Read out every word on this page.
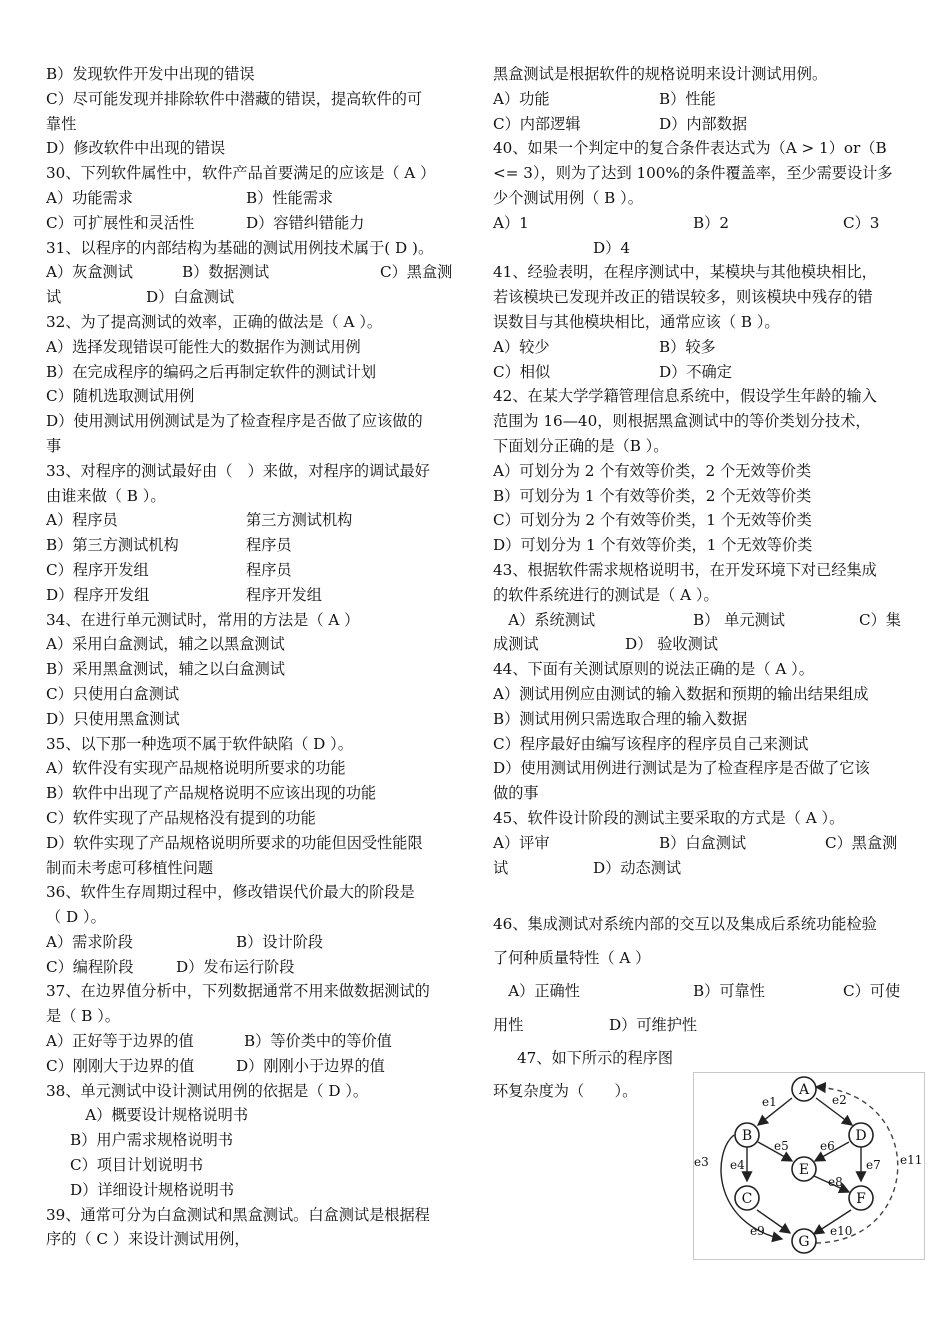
B）发现软件开发中出现的错误
C）尽可能发现并排除软件中潜藏的错误，提高软件的可
靠性
D）修改软件中出现的错误
30、下列软件属性中，软件产品首要满足的应该是（ A ）
A）功能需求	B）性能需求
C）可扩展性和灵活性	D）容错纠错能力
31、以程序的内部结构为基础的测试用例技术属于( D )。
A）灰盒测试	B）数据测试	C）黑盒测
试	D）白盒测试
32、为了提高测试的效率，正确的做法是（ A ）。
A）选择发现错误可能性大的数据作为测试用例
B）在完成程序的编码之后再制定软件的测试计划
C）随机选取测试用例
D）使用测试用例测试是为了检查程序是否做了应该做的
事
33、对程序的测试最好由（　）来做，对程序的调试最好
由谁来做（ B ）。
A）程序员	第三方测试机构
B）第三方测试机构	程序员
C）程序开发组	程序员
D）程序开发组	程序开发组
34、在进行单元测试时，常用的方法是（ A ）
A）采用白盒测试，辅之以黑盒测试
B）采用黑盒测试，辅之以白盒测试
C）只使用白盒测试
D）只使用黑盒测试
35、以下那一种选项不属于软件缺陷（ D ）。
A）软件没有实现产品规格说明所要求的功能
B）软件中出现了产品规格说明不应该出现的功能
C）软件实现了产品规格没有提到的功能
D）软件实现了产品规格说明所要求的功能但因受性能限
制而未考虑可移植性问题
36、软件生存周期过程中，修改错误代价最大的阶段是
（ D ）。
A）需求阶段	B）设计阶段
C）编程阶段	D）发布运行阶段
37、在边界值分析中，下列数据通常不用来做数据测试的
是（ B ）。
A）正好等于边界的值	B）等价类中的等价值
C）刚刚大于边界的值	D）刚刚小于边界的值
38、单元测试中设计测试用例的依据是（ D ）。
　A）概要设计规格说明书
B）用户需求规格说明书
C）项目计划说明书
D）详细设计规格说明书
39、通常可分为白盒测试和黑盒测试。白盒测试是根据程
序的（ C ）来设计测试用例，
黑盒测试是根据软件的规格说明来设计测试用例。
A）功能	B）性能
C）内部逻辑	D）内部数据
40、如果一个判定中的复合条件表达式为（A > 1）or（B
<= 3），则为了达到 100%的条件覆盖率，至少需要设计多
少个测试用例（ B ）。
A）1	B）2	C）3
D）4
41、经验表明，在程序测试中，某模块与其他模块相比，
若该模块已发现并改正的错误较多，则该模块中残存的错
误数目与其他模块相比，通常应该（ B ）。
A）较少	B）较多
C）相似	D）不确定
42、在某大学学籍管理信息系统中，假设学生年龄的输入
范围为 16—40，则根据黑盒测试中的等价类划分技术，
下面划分正确的是（B ）。
A）可划分为 2 个有效等价类，2 个无效等价类
B）可划分为 1 个有效等价类，2 个无效等价类
C）可划分为 2 个有效等价类，1 个无效等价类
D）可划分为 1 个有效等价类，1 个无效等价类
43、根据软件需求规格说明书，在开发环境下对已经集成
的软件系统进行的测试是（ A ）。
　A）系统测试	B） 单元测试	C）集
成测试	D） 验收测试
44、下面有关测试原则的说法正确的是（ A ）。
A）测试用例应由测试的输入数据和预期的输出结果组成
B）测试用例只需选取合理的输入数据
C）程序最好由编写该程序的程序员自己来测试
D）使用测试用例进行测试是为了检查程序是否做了它该
做的事
45、软件设计阶段的测试主要采取的方式是（ A ）。
A）评审	B）白盒测试	C）黑盒测
试	D）动态测试
46、集成测试对系统内部的交互以及集成后系统功能检验
了何种质量特性（ A ）
　A）正确性	B）可靠性	C）可使
用性	D）可维护性
47、如下所示的程序图
环复杂度为（　　）。
e1	e2
e3 e4
e5	e6
e7
e8
e9	e10
e11
A
B
C
D
E
F
G
